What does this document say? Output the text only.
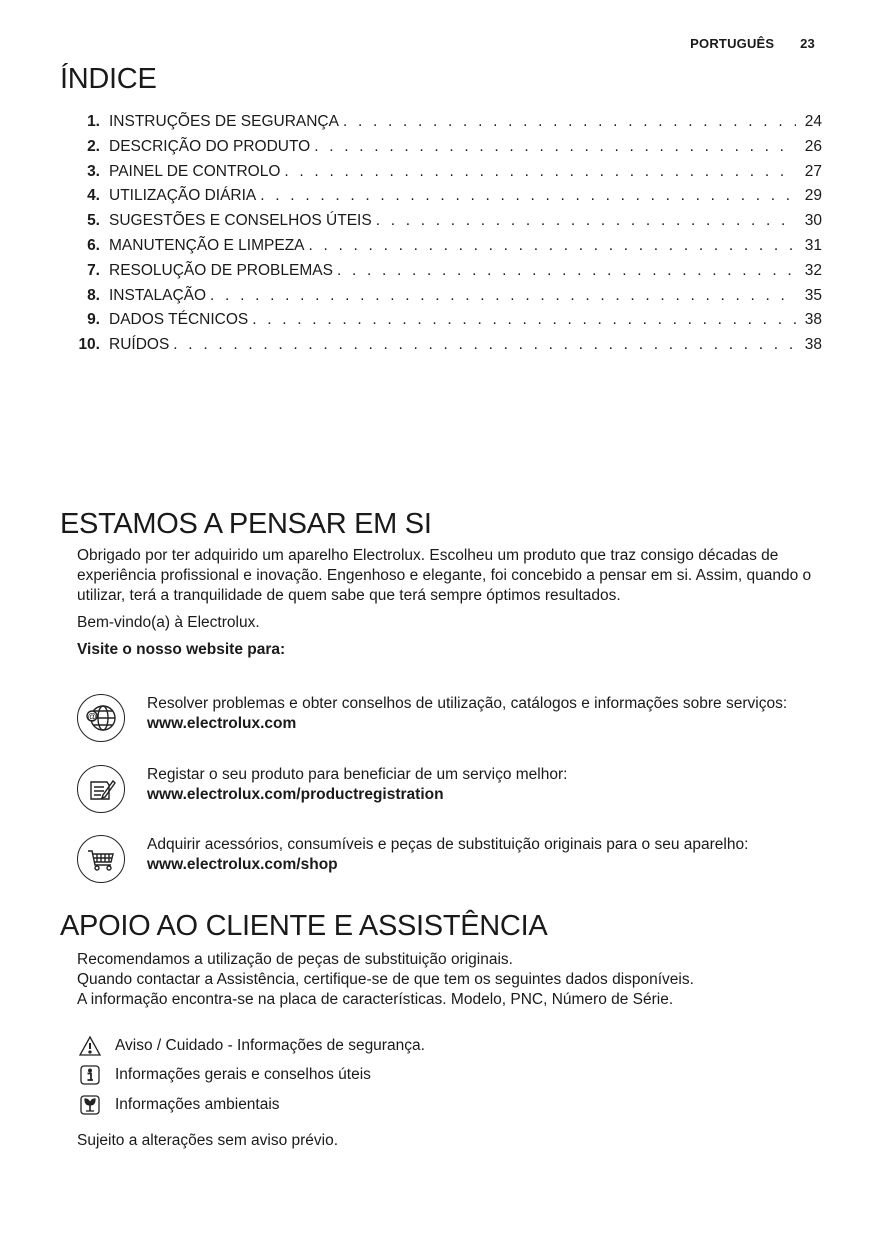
PORTUGUÊS 23
ÍNDICE
1. INSTRUÇÕES DE SEGURANÇA . . .	24
2. DESCRIÇÃO DO PRODUTO . . .	26
3. PAINEL DE CONTROLO . . .	27
4. UTILIZAÇÃO DIÁRIA . . .	29
5. SUGESTÕES E CONSELHOS ÚTEIS . . .	30
6. MANUTENÇÃO E LIMPEZA . . .	31
7. RESOLUÇÃO DE PROBLEMAS . . .	32
8. INSTALAÇÃO . . .	35
9. DADOS TÉCNICOS . . .	38
10. RUÍDOS . . .	38
ESTAMOS A PENSAR EM SI

Obrigado por ter adquirido um aparelho Electrolux. Escolheu um produto que traz consigo décadas de experiência profissional e inovação. Engenhoso e elegante, foi concebido a pensar em si. Assim, quando o utilizar, terá a tranquilidade de quem sabe que terá sempre óptimos resultados.

Bem-vindo(a) à Electrolux.

Visite o nosso website para:

@
Resolver problemas e obter conselhos de utilização, catálogos e informações sobre serviços:
www.electrolux.com
Registar o seu produto para beneficiar de um serviço melhor:
www.electrolux.com/productregistration
Adquirir acessórios, consumíveis e peças de substituição originais para o seu aparelho:
www.electrolux.com/shop
APOIO AO CLIENTE E ASSISTÊNCIA
Recomendamos a utilização de peças de substituição originais.
Quando contactar a Assistência, certifique-se de que tem os seguintes dados disponíveis.
A informação encontra-se na placa de características. Modelo, PNC, Número de Série.
Aviso / Cuidado - Informações de segurança.
Informações gerais e conselhos úteis
Informações ambientais
Sujeito a alterações sem aviso prévio.
